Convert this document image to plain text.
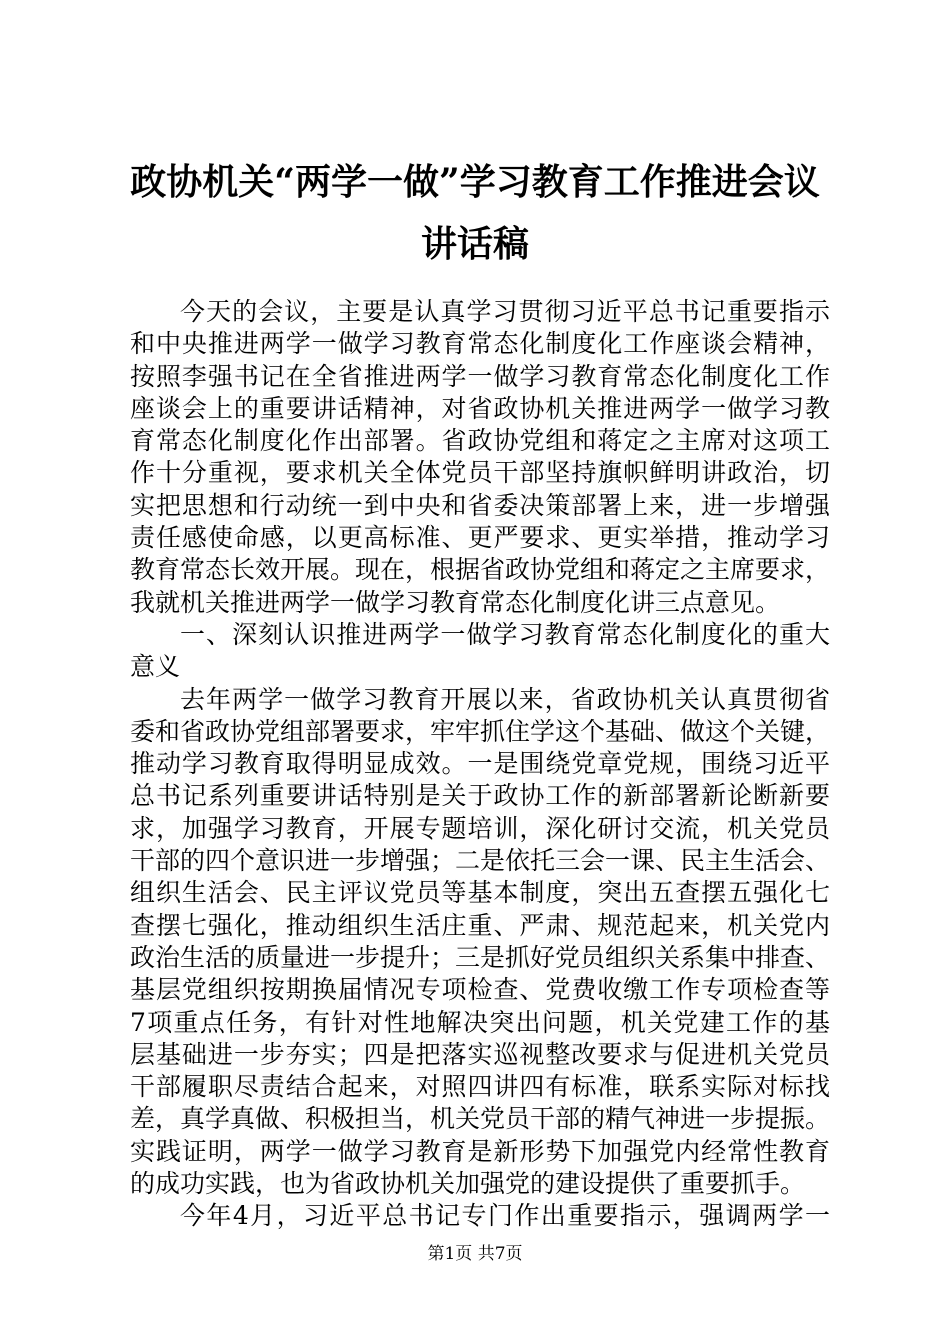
政协机关“两学一做”学习教育工作推进会议
讲话稿
今天的会议，主要是认真学习贯彻习近平总书记重要指示
和中央推进两学一做学习教育常态化制度化工作座谈会精神，
按照李强书记在全省推进两学一做学习教育常态化制度化工作
座谈会上的重要讲话精神，对省政协机关推进两学一做学习教
育常态化制度化作出部署。省政协党组和蒋定之主席对这项工
作十分重视，要求机关全体党员干部坚持旗帜鲜明讲政治，切
实把思想和行动统一到中央和省委决策部署上来，进一步增强
责任感使命感，以更高标准、更严要求、更实举措，推动学习
教育常态长效开展。现在，根据省政协党组和蒋定之主席要求，
我就机关推进两学一做学习教育常态化制度化讲三点意见。
一、深刻认识推进两学一做学习教育常态化制度化的重大
意义
去年两学一做学习教育开展以来，省政协机关认真贯彻省
委和省政协党组部署要求，牢牢抓住学这个基础、做这个关键，
推动学习教育取得明显成效。一是围绕党章党规，围绕习近平
总书记系列重要讲话特别是关于政协工作的新部署新论断新要
求，加强学习教育，开展专题培训，深化研讨交流，机关党员
干部的四个意识进一步增强；二是依托三会一课、民主生活会、
组织生活会、民主评议党员等基本制度，突出五查摆五强化七
查摆七强化，推动组织生活庄重、严肃、规范起来，机关党内
政治生活的质量进一步提升；三是抓好党员组织关系集中排查、
基层党组织按期换届情况专项检查、党费收缴工作专项检查等
7项重点任务，有针对性地解决突出问题，机关党建工作的基
层基础进一步夯实；四是把落实巡视整改要求与促进机关党员
干部履职尽责结合起来，对照四讲四有标准，联系实际对标找
差，真学真做、积极担当，机关党员干部的精气神进一步提振。
实践证明，两学一做学习教育是新形势下加强党内经常性教育
的成功实践，也为省政协机关加强党的建设提供了重要抓手。
今年4月，习近平总书记专门作出重要指示，强调两学一
第1页 共7页
